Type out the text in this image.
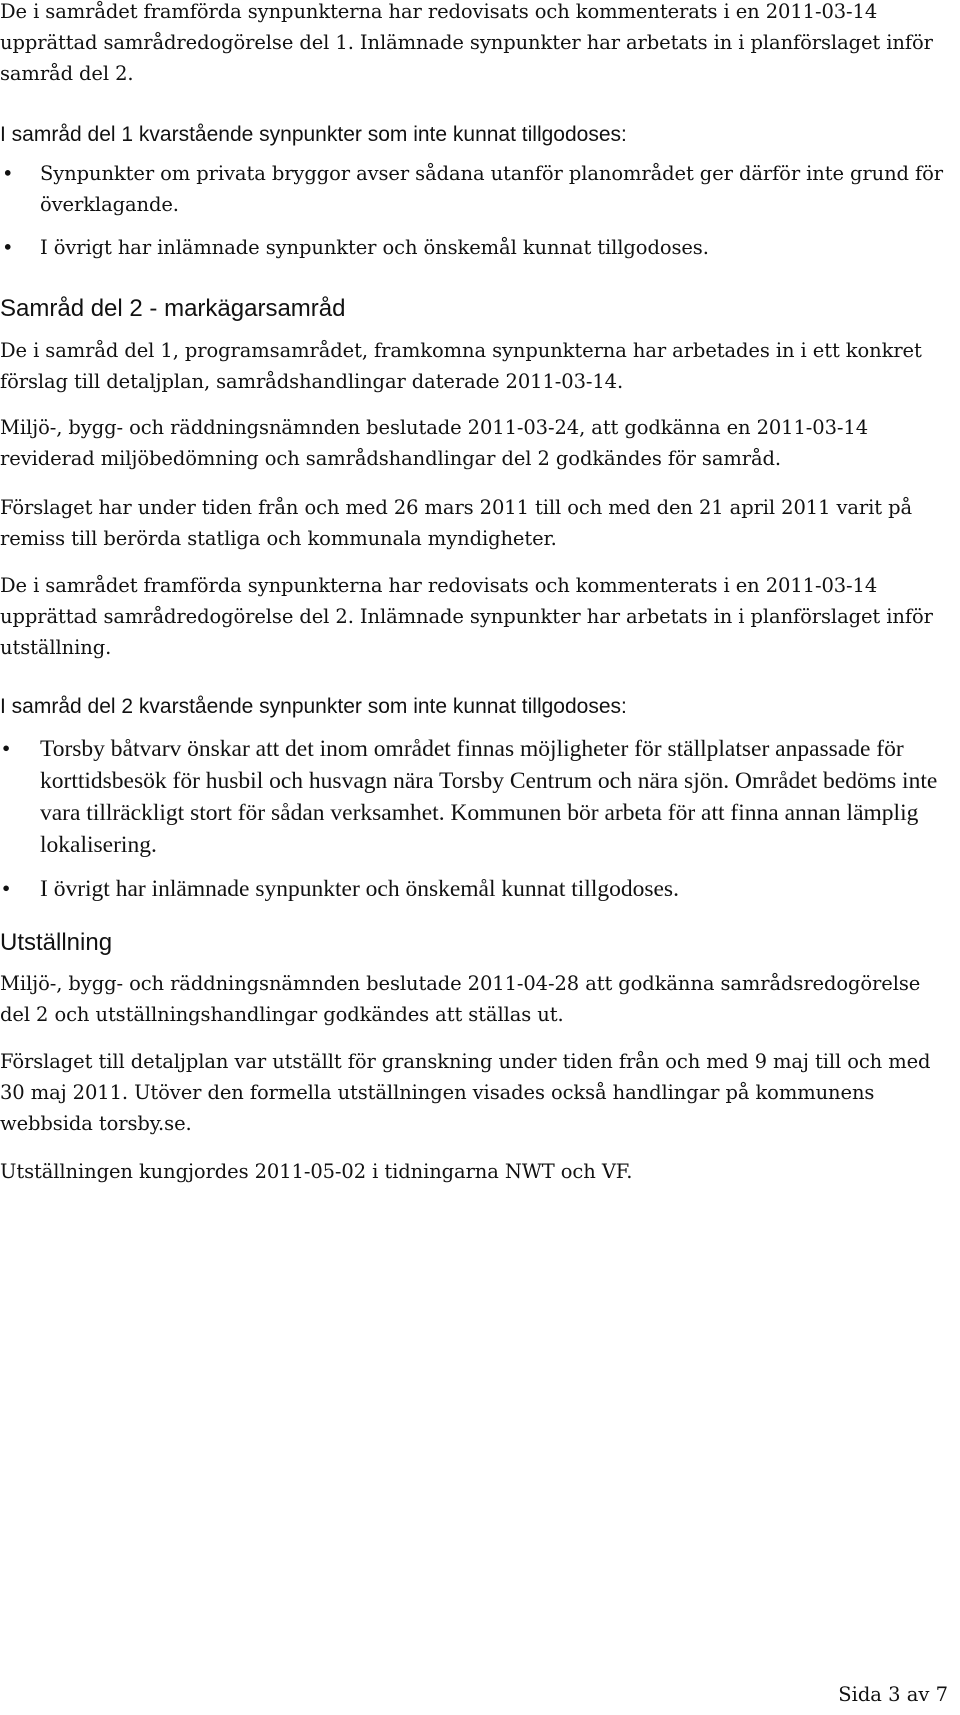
De i samrådet framförda synpunkterna har redovisats och kommenterats i en 2011-03-14 upprättad samrådredogörelse del 1. Inlämnade synpunkter har arbetats in i planförslaget inför samråd del 2.

I samråd del 1 kvarstående synpunkter som inte kunnat tillgodoses:

• Synpunkter om privata bryggor avser sådana utanför planområdet ger därför inte grund för överklagande.
• I övrigt har inlämnade synpunkter och önskemål kunnat tillgodoses.
Samråd del 2 - markägarsamråd

De i samråd del 1, programsamrådet, framkomna synpunkterna har arbetades in i ett konkret förslag till detaljplan, samrådshandlingar daterade 2011-03-14.

Miljö-, bygg- och räddningsnämnden beslutade 2011-03-24, att godkänna en 2011-03-14 reviderad miljöbedömning och samrådshandlingar del 2 godkändes för samråd.

Förslaget har under tiden från och med 26 mars 2011 till och med den 21 april 2011 varit på remiss till berörda statliga och kommunala myndigheter.

De i samrådet framförda synpunkterna har redovisats och kommenterats i en 2011-03-14 upprättad samrådredogörelse del 2. Inlämnade synpunkter har arbetats in i planförslaget inför utställning.

I samråd del 2 kvarstående synpunkter som inte kunnat tillgodoses:

• Torsby båtvarv önskar att det inom området finnas möjligheter för ställplatser anpassade för korttidsbesök för husbil och husvagn nära Torsby Centrum och nära sjön. Området bedöms inte vara tillräckligt stort för sådan verksamhet. Kommunen bör arbeta för att finna annan lämplig lokalisering.
• I övrigt har inlämnade synpunkter och önskemål kunnat tillgodoses.
Utställning

Miljö-, bygg- och räddningsnämnden beslutade 2011-04-28 att godkänna samrådsredogörelse del 2 och utställningshandlingar godkändes att ställas ut.

Förslaget till detaljplan var utställt för granskning under tiden från och med 9 maj till och med 30 maj 2011. Utöver den formella utställningen visades också handlingar på kommunens webbsida torsby.se.

Utställningen kungjordes 2011-05-02 i tidningarna NWT och VF.

Sida 3 av 7
